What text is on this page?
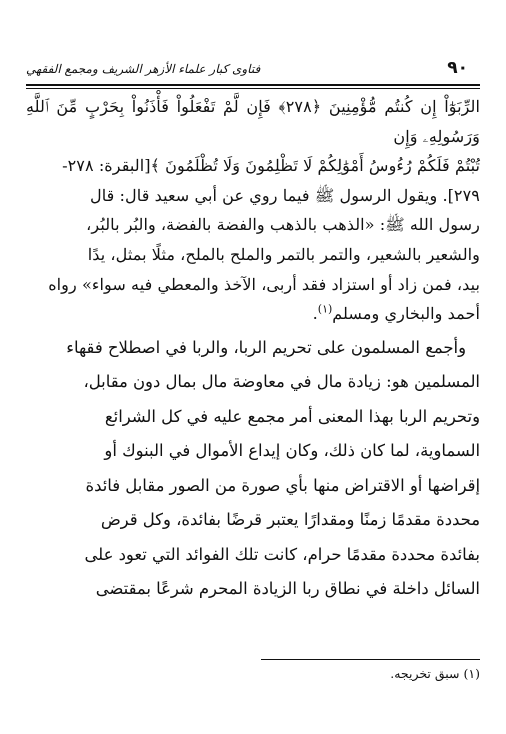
٩٠
فتاوى كبار علماء الأزهر الشريف ومجمع الفقهي

الرِّبَوٰٓاْ إِن كُنتُم مُّؤْمِنِينَ ﴿٢٧٨﴾ فَإِن لَّمْ تَفْعَلُواْ فَأْذَنُواْ بِحَرْبٍ مِّنَ ٱللَّهِ وَرَسُولِهِۦ وَإِن

تُبْتُمْ فَلَكُمْ رُءُوسُ أَمْوَٰلِكُمْ لَا تَظْلِمُونَ وَلَا تُظْلَمُونَ ﴾[البقرة: ٢٧٨-

٢٧٩]. ويقول الرسول ﷺ فيما روي عن أبي سعيد قال: قال

رسول الله ﷺ: «الذهب بالذهب والفضة بالفضة، والبُر بالبُر،

والشعير بالشعير، والتمر بالتمر والملح بالملح، مثلًا بمثل، يدًا

بيد، فمن زاد أو استزاد فقد أربى، الآخذ والمعطي فيه سواء» رواه

أحمد والبخاري ومسلم$^{(١)}$.

وأجمع المسلمون على تحريم الربا، والربا في اصطلاح فقهاء

المسلمين هو: زيادة مال في معاوضة مال بمال دون مقابل،

وتحريم الربا بهذا المعنى أمر مجمع عليه في كل الشرائع

السماوية، لما كان ذلك، وكان إيداع الأموال في البنوك أو

إقراضها أو الاقتراض منها بأي صورة من الصور مقابل فائدة

محددة مقدمًا زمنًا ومقدارًا يعتبر قرضًا بفائدة، وكل قرض

بفائدة محددة مقدمًا حرام، كانت تلك الفوائد التي تعود على

السائل داخلة في نطاق ربا الزيادة المحرم شرعًا بمقتضى

(١) سبق تخريجه.
